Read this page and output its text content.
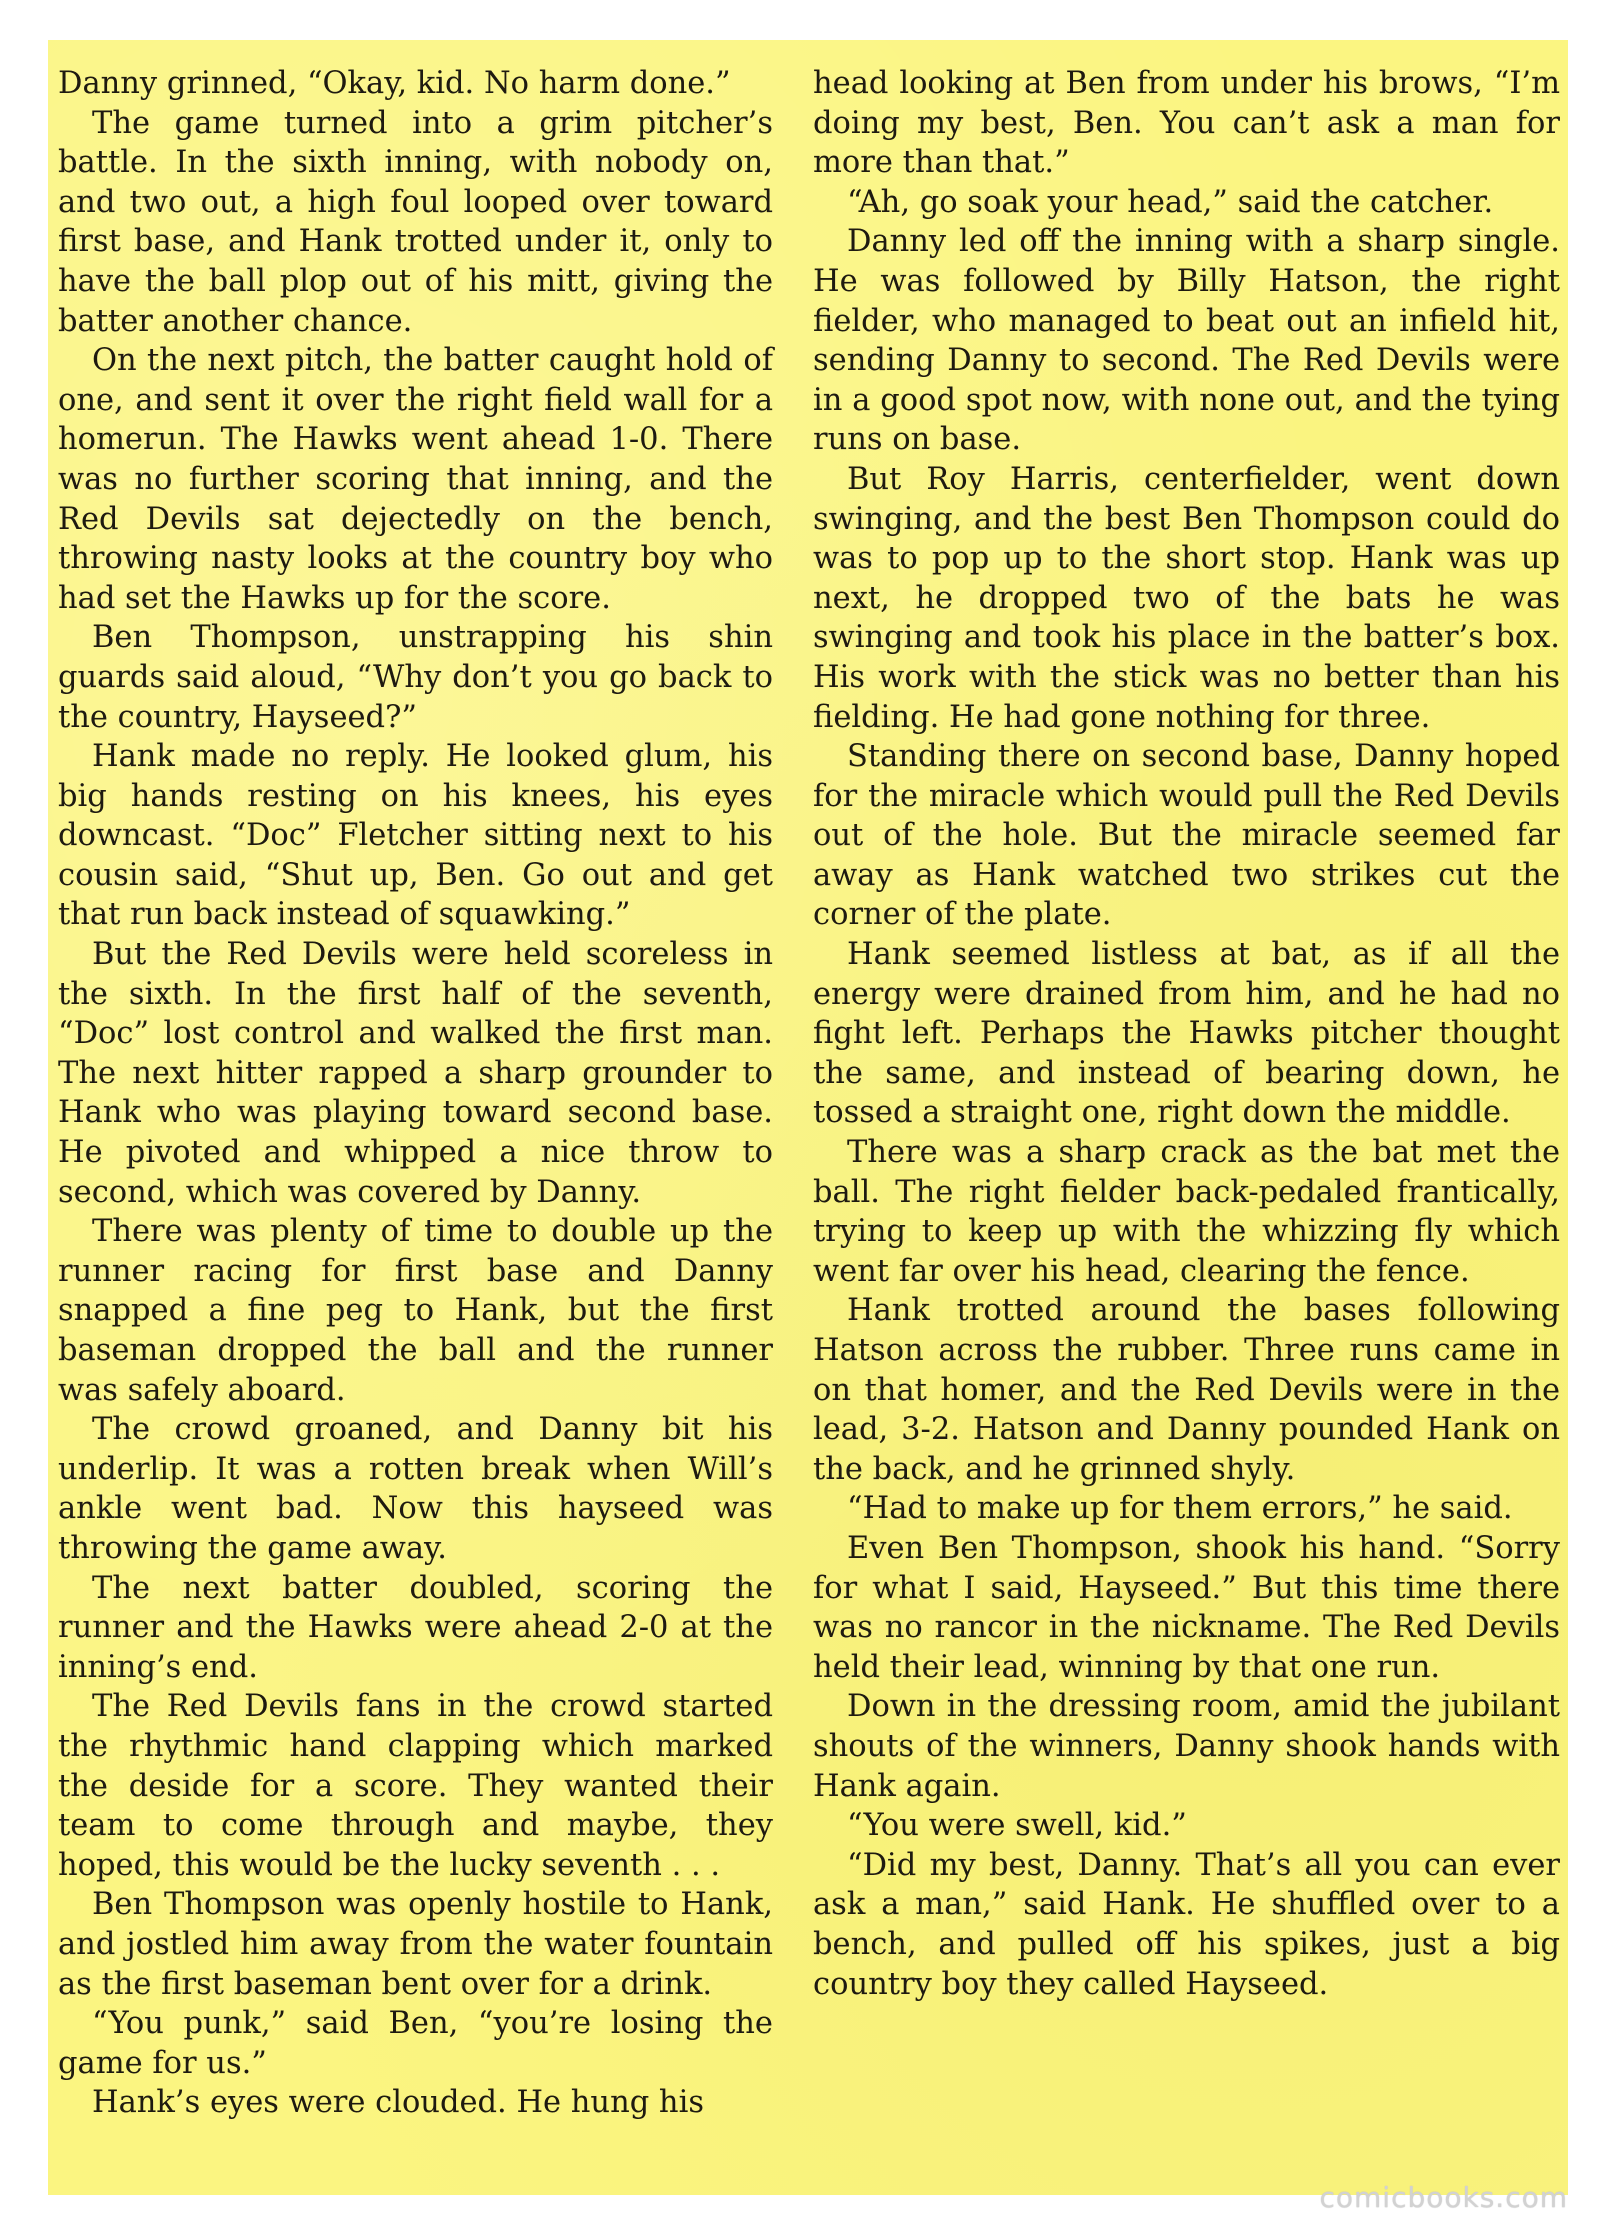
Danny grinned, “Okay, kid. No harm done.”

The game turned into a grim pitcher’s battle. In the sixth inning, with nobody on, and two out, a high foul looped over toward first base, and Hank trotted under it, only to have the ball plop out of his mitt, giving the batter another chance.

On the next pitch, the batter caught hold of one, and sent it over the right field wall for a homerun. The Hawks went ahead 1-0. There was no further scoring that inning, and the Red Devils sat dejectedly on the bench, throwing nasty looks at the country boy who had set the Hawks up for the score.

Ben Thompson, unstrapping his shin guards said aloud, “Why don’t you go back to the country, Hayseed?”

Hank made no reply. He looked glum, his big hands resting on his knees, his eyes downcast. “Doc” Fletcher sitting next to his cousin said, “Shut up, Ben. Go out and get that run back instead of squawking.”

But the Red Devils were held scoreless in the sixth. In the first half of the seventh, “Doc” lost control and walked the first man. The next hitter rapped a sharp grounder to Hank who was playing toward second base. He pivoted and whipped a nice throw to second, which was covered by Danny.

There was plenty of time to double up the runner racing for first base and Danny snapped a fine peg to Hank, but the first baseman dropped the ball and the runner was safely aboard.

The crowd groaned, and Danny bit his underlip. It was a rotten break when Will’s ankle went bad. Now this hayseed was throwing the game away.

The next batter doubled, scoring the runner and the Hawks were ahead 2-0 at the inning’s end.

The Red Devils fans in the crowd started the rhythmic hand clapping which marked the deside for a score. They wanted their team to come through and maybe, they hoped, this would be the lucky seventh . . .

Ben Thompson was openly hostile to Hank, and jostled him away from the water fountain as the first baseman bent over for a drink.

“You punk,” said Ben, “you’re losing the game for us.”

Hank’s eyes were clouded. He hung his

head looking at Ben from under his brows, “I’m doing my best, Ben. You can’t ask a man for more than that.”

“Ah, go soak your head,” said the catcher.

Danny led off the inning with a sharp single. He was followed by Billy Hatson, the right fielder, who managed to beat out an infield hit, sending Danny to second. The Red Devils were in a good spot now, with none out, and the tying runs on base.

But Roy Harris, centerfielder, went down swinging, and the best Ben Thompson could do was to pop up to the short stop. Hank was up next, he dropped two of the bats he was swinging and took his place in the batter’s box. His work with the stick was no better than his fielding. He had gone nothing for three.

Standing there on second base, Danny hoped for the miracle which would pull the Red Devils out of the hole. But the miracle seemed far away as Hank watched two strikes cut the corner of the plate.

Hank seemed listless at bat, as if all the energy were drained from him, and he had no fight left. Perhaps the Hawks pitcher thought the same, and instead of bearing down, he tossed a straight one, right down the middle.

There was a sharp crack as the bat met the ball. The right fielder back-pedaled frantically, trying to keep up with the whizzing fly which went far over his head, clearing the fence.

Hank trotted around the bases following Hatson across the rubber. Three runs came in on that homer, and the Red Devils were in the lead, 3-2. Hatson and Danny pounded Hank on the back, and he grinned shyly.

“Had to make up for them errors,” he said.

Even Ben Thompson, shook his hand. “Sorry for what I said, Hayseed.” But this time there was no rancor in the nickname. The Red Devils held their lead, winning by that one run.

Down in the dressing room, amid the jubilant shouts of the winners, Danny shook hands with Hank again.

“You were swell, kid.”

“Did my best, Danny. That’s all you can ever ask a man,” said Hank. He shuffled over to a bench, and pulled off his spikes, just a big country boy they called Hayseed.

comicbooks.com
